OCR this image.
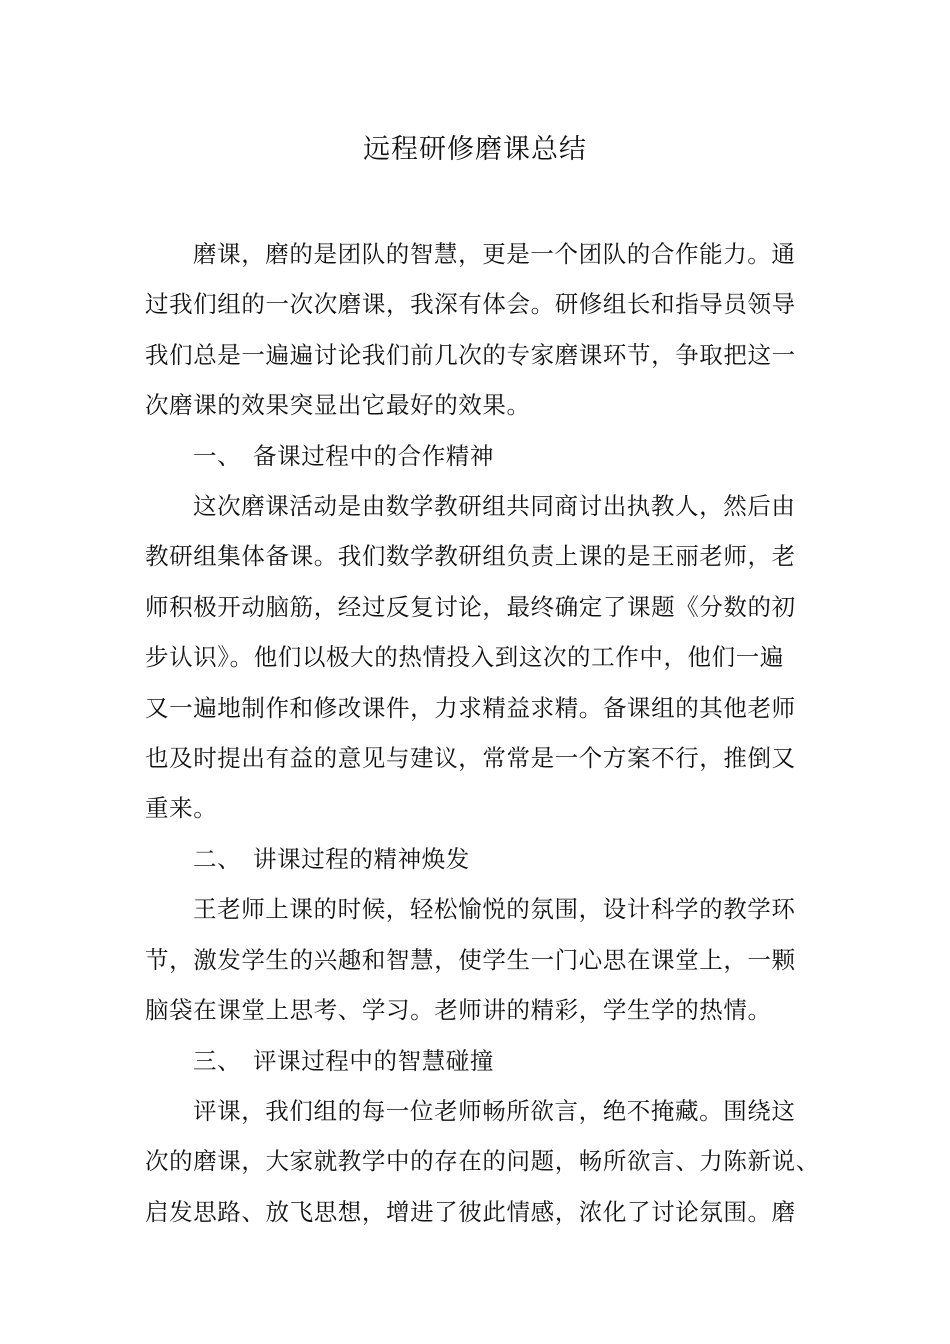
远程研修磨课总结
磨课，磨的是团队的智慧，更是一个团队的合作能力。通
过我们组的一次次磨课，我深有体会。研修组长和指导员领导
我们总是一遍遍讨论我们前几次的专家磨课环节，争取把这一
次磨课的效果突显出它最好的效果。
一、 备课过程中的合作精神
这次磨课活动是由数学教研组共同商讨出执教人，然后由
教研组集体备课。我们数学教研组负责上课的是王丽老师，老
师积极开动脑筋，经过反复讨论，最终确定了课题《分数的初
步认识》。他们以极大的热情投入到这次的工作中，他们一遍
又一遍地制作和修改课件，力求精益求精。备课组的其他老师
也及时提出有益的意见与建议，常常是一个方案不行，推倒又
重来。
二、 讲课过程的精神焕发
王老师上课的时候，轻松愉悦的氛围，设计科学的教学环
节，激发学生的兴趣和智慧，使学生一门心思在课堂上，一颗
脑袋在课堂上思考、学习。老师讲的精彩，学生学的热情。
三、 评课过程中的智慧碰撞
评课，我们组的每一位老师畅所欲言，绝不掩藏。围绕这
次的磨课，大家就教学中的存在的问题，畅所欲言、力陈新说、
启发思路、放飞思想，增进了彼此情感，浓化了讨论氛围。磨
